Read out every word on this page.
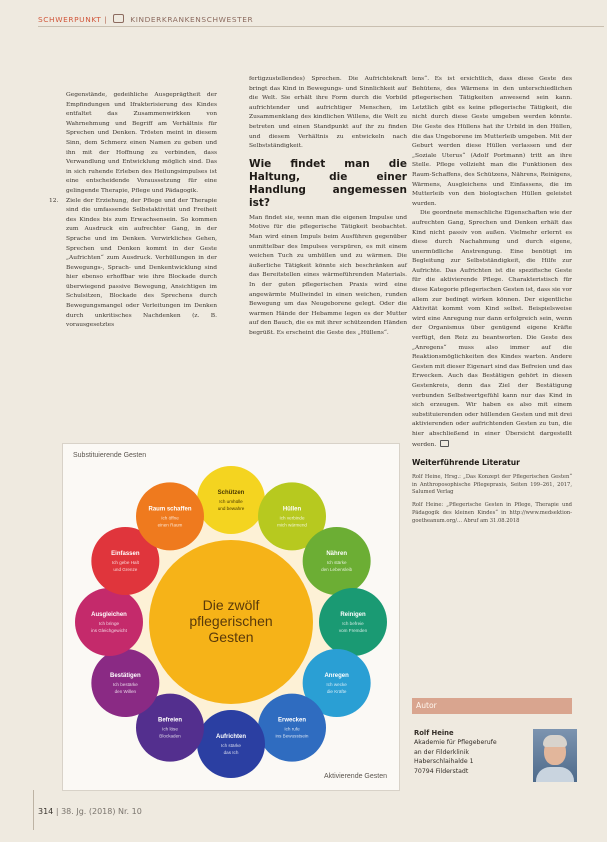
SCHWERPUNKT |	KINDERKRANKENSCHWESTER

Gegenstände, gedeihliche Ausgeprägtheit der Empfindungen und Ifrakterisierung des Kindes entfaltet das Zusammenwirkken von Wahrnehmung und Begriff am Verhältnis für Sprechen und Denken. Trösten meint in diesem Sinn, dem Schmerz einen Namen zu geben und ihn mit der Hoffnung zu verbinden, dass Verwandlung und Entwicklung möglich sind. Das in sich ruhende Erleben des Heilungsimpulses ist eine entscheidende Voraussetzung für eine gelingende Therapie, Pflege und Pädagogik.

12. Ziele der Erziehung, der Pflege und der Therapie sind die umfassende Selbstaktivität und Freiheit des Kindes bis zum Erwachsensein. So kommen zum Ausdruck ein aufrechter Gang, in der Sprache und im Denken. Verwirkliches Gehen, Sprechen und Denken kommt in der Geste „Aufrichten“ zum Ausdruck. Verhüllungen in der Bewegungs-, Sprach- und Denkentwicklung sind hier ebenso erhoffbar wie ihre Blockade durch überwiegend passive Bewegung, Ansichtigen im Schulsitzen, Blockade des Sprechens durch Bewegungsmangel oder Verleitungen im Denken durch unkritisches Nachdenken (z. B. vorausgesetztes

fertigzustellendes) Sprechen. Die Aufrichtekraft bringt das Kind in Bewegungs- und Sinnlichkeit auf die Welt. Sie erhält ihre Form durch die Vorbild aufrichtender und aufrichtiger Menschen, im Zusammenklang des kindlichen Willens, die Welt zu betreten und einen Standpunkt auf ihr zu finden und diesem Verhältnis zu entwickeln nach Selbstständigkeit.

Wie findet man die Haltung, die einer Handlung angemessen ist?

Man findet sie, wenn man die eigenen Impulse und Motive für die pflegerische Tätigkeit beobachtet. Man wird einen Impuls beim Ausführen gegenüber unmittelbar des Impulses verspüren, es mit einem weichen Tuch zu umhüllen und zu wärmen. Die äußerliche Tätigkeit könnte sich beschränken auf das Bereitstellen eines wärmeführenden Materials. In der guten pflegerischen Praxis wird eine angewärmte Mullwindel in einen weichen, runden Bewegung um das Neugeborene gelegt. Oder die warmen Hände der Hebamme legen es der Mutter auf den Bauch, die es mit ihrer schützenden Händen begrüßt. Es erscheint die Geste des „Hüllens“.

lens“. Es ist ersichtlich, dass diese Geste des Behütens, des Wärmens in den unterschiedlichen pflegerischen Tätigkeiten anwesend sein kann. Letztlich gibt es keine pflegerische Tätigkeit, die nicht durch diese Geste umgeben werden könnte. Die Geste des Hüllens hat ihr Urbild in den Hüllen, die das Ungeborene im Mutterleib umgeben. Mit der Geburt werden diese Hüllen verlassen und der „Soziale Uterus“ (Adolf Portmann) tritt an ihre Stelle. Pflege vollzieht man die Funktionen des Raum-Schaffens, des Schützens, Nährens, Reinigens, Wärmens, Ausgleichens und Einfassens, die im Mutterleib von den biologischen Hüllen geleistet wurden.

Die geordnete menschliche Eigenschaften wie der aufrechten Gang, Sprechen und Denken erhält das Kind nicht passiv von außen. Vielmehr erlernt es diese durch Nachahmung und durch eigene, unermüdliche Anstrengung. Eine benötigt im Begleitung zur Selbstständigkeit, die Hilfe zur Aufrichte. Das Aufrichten ist die spezifische Geste für die aktivierende Pflege. Charakteristisch für diese Kategorie pflegerischen Gesten ist, dass sie vor allem zur bedingt wirken können. Der eigentliche Aktivität kommt vom Kind selbst. Beispielsweise wird eine Anregung nur dann erfolgreich sein, wenn der Organismus über genügend eigene Kräfte verfügt, den Reiz zu beantworten. Die Geste des „Anregens“ muss also immer auf die Reaktionsmöglichkeiten des Kindes warten. Andere Gesten mit dieser Eigenart sind das Befreien und das Erwecken. Auch das Bestätigen gehört in diesen Gestenkreis, denn das Ziel der Bestätigung verbunden Selbstwertgefühl kann nur das Kind in sich erzeugen. Wir haben es also mit einem substituierenden oder hüllenden Gesten und mit drei aktivierenden oder aufrichtenden Gesten zu tun, die hier abschließend in einer Übersicht dargestellt werden.

Weiterführende Literatur
Rolf Heine, Hrsg.: „Das Konzept der Pflegerischen Gesten“ in Anthroposophische Pflegepraxis, Seiten 199–261, 2017, Salumed Verlag
Rolf Heine: „Pflegerische Gesten in Pflege, Therapie und Pädagogik des kleinen Kindes“ in http://www.medsektion-goetheanum.org/... Abruf am 31.08.2018
Autor
Rolf Heine
Akademie für Pflegeberufe
an der Filderklinik
Haberschlaihalde 1
70794 Filderstadt
Substituierende Gesten
Aktivierende Gesten
Die zwölf
pflegerischen
Gesten
Schützen
Ich umhülle
und bewahre	Hüllen
Ich verbinde
mich wärmend
Nähren
Ich stärke
den Lebensleib
Reinigen
Ich befreie
vom Fremden
Anregen
Ich wecke
die Kräfte
Erwecken
Ich rufe
ins Bewusstsein
Aufrichten
Ich stärke
das Ich
Befreien
Ich löse
Blockaden
Bestätigen
Ich bestärke
den Willen
Ausgleichen
Ich bringe
ins Gleichgewicht
Einfassen
Ich gebe Halt
und Grenze
Raum schaffen
Ich öffne
einen Raum
314 | 38. Jg. (2018) Nr. 10
